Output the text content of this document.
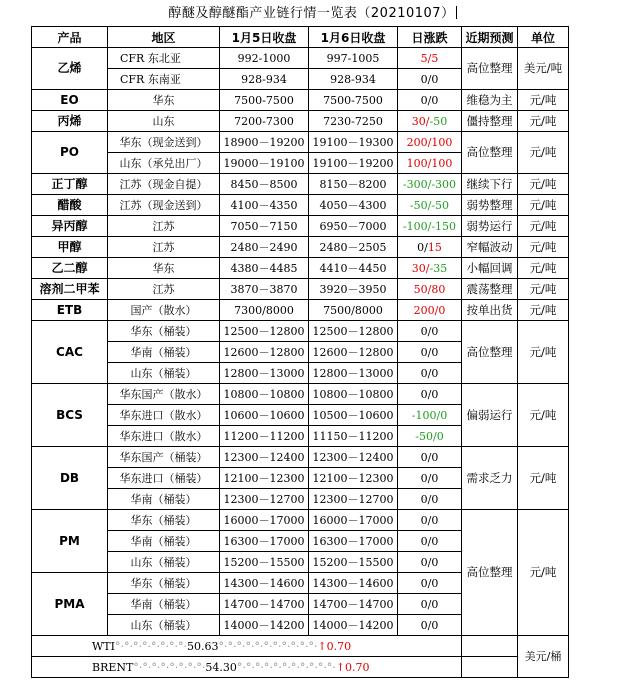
醇醚及醇醚酯产业链行情一览表（20210107）
产品	地区	1月5日收盘	1月6日收盘	日涨跌	近期预测	单位
乙烯	CFR 东北亚	992-1000	997-1005	5/5	高位整理	美元/吨
	CFR 东南亚	928-934	928-934	0/0		
EO	华东	7500-7500	7500-7500	0/0	维稳为主	元/吨
丙烯	山东	7200-7300	7230-7250	30/-50	僵持整理	元/吨
PO	华东（现金送到）	18900－19200	19100－19300	200/100	高位整理	元/吨
	山东（承兑出厂）	19000－19100	19100－19200	100/100		
正丁醇	江苏（现金自提）	8450－8500	8150－8200	-300/-300	继续下行	元/吨
醋酸	江苏（现金送到）	4100－4350	4050－4300	-50/-50	弱势整理	元/吨
异丙醇	江苏	7050－7150	6950－7000	-100/-150	弱势运行	元/吨
甲醇	江苏	2480－2490	2480－2505	0/15	窄幅波动	元/吨
乙二醇	华东	4380－4485	4410－4450	30/-35	小幅回调	元/吨
溶剂二甲苯	江苏	3870－3870	3920－3950	50/80	震荡整理	元/吨
ETB	国产（散水）	7300/8000	7500/8000	200/0	按单出货	元/吨
CAC	华东（桶装）	12500－12800	12500－12800	0/0	高位整理	元/吨
	华南（桶装）	12600－12800	12600－12800	0/0		
	山东（桶装）	12800－13000	12800－13000	0/0		
BCS	华东国产（散水）	10800－10800	10800－10800	0/0	偏弱运行	元/吨
	华东进口（散水）	10600－10600	10500－10600	-100/0		
	华东进口（散水）	11200－11200	11150－11200	-50/0		
DB	华东国产（桶装）	12300－12400	12300－12400	0/0	需求乏力	元/吨
	华东进口（桶装）	12100－12300	12100－12300	0/0		
	华南（桶装）	12300－12700	12300－12700	0/0		
PM	华东（桶装）	16000－17000	16000－17000	0/0	高位整理	元/吨
	华南（桶装）	16300－17000	16300－17000	0/0		
	山东（桶装）	15200－15500	15200－15500	0/0		
PMA	华东（桶装）	14300－14600	14300－14600	0/0		
	华南（桶装）	14700－14700	14700－14700	0/0		
	山东（桶装）	14000－14200	14000－14200	0/0		
WTI°·°·°·°·°·°·°·°·50.63°·°·°·°·°·°·°·°·°·°·°·↑0.70						美元/桶
BRENT°·°·°·°·°·°·°·°·54.30°·°·°·°·°·°·°·°·°·°·°·↑0.70						
